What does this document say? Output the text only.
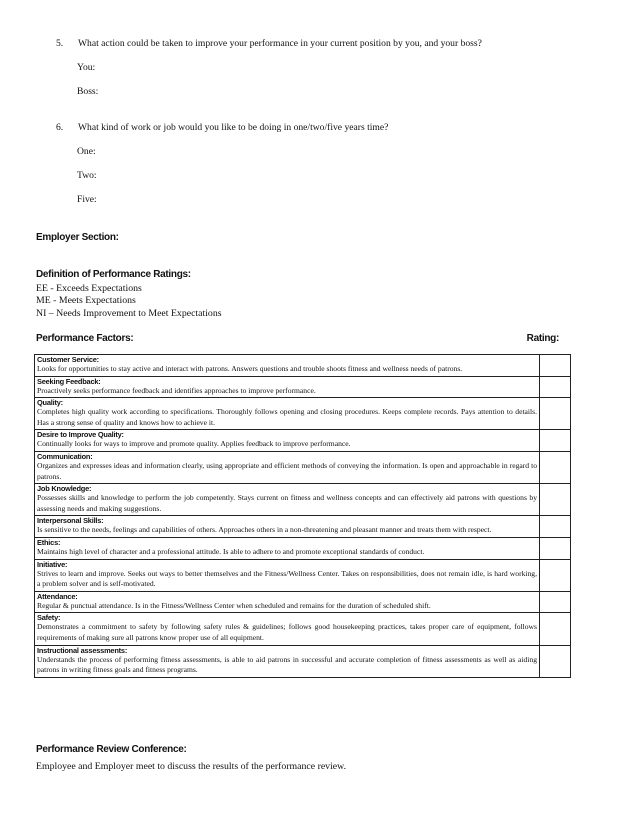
5. What action could be taken to improve your performance in your current position by you, and your boss?
You:
Boss:
6. What kind of work or job would you like to be doing in one/two/five years time?
One:
Two:
Five:
Employer Section:
Definition of Performance Ratings:
EE - Exceeds Expectations
ME - Meets Expectations
NI – Needs Improvement to Meet Expectations
Performance Factors:	Rating:
Customer Service:
Looks for opportunities to stay active and interact with patrons. Answers questions and trouble shoots fitness and wellness needs of patrons.	

Seeking Feedback:
Proactively seeks performance feedback and identifies approaches to improve performance.	

Quality:
Completes high quality work according to specifications. Thoroughly follows opening and closing procedures. Keeps complete records. Pays attention to details. Has a strong sense of quality and knows how to achieve it.	

Desire to Improve Quality:
Continually looks for ways to improve and promote quality. Applies feedback to improve performance.	

Communication:
Organizes and expresses ideas and information clearly, using appropriate and efficient methods of conveying the information. Is open and approachable in regard to patrons.	

Job Knowledge:
Possesses skills and knowledge to perform the job competently. Stays current on fitness and wellness concepts and can effectively aid patrons with questions by assessing needs and making suggestions.	

Interpersonal Skills:
Is sensitive to the needs, feelings and capabilities of others. Approaches others in a non-threatening and pleasant manner and treats them with respect.	

Ethics:
Maintains high level of character and a professional attitude. Is able to adhere to and promote exceptional standards of conduct.	

Initiative:
Strives to learn and improve. Seeks out ways to better themselves and the Fitness/Wellness Center. Takes on responsibilities, does not remain idle, is hard working, a problem solver and is self-motivated.	

Attendance:
Regular & punctual attendance. Is in the Fitness/Wellness Center when scheduled and remains for the duration of scheduled shift.	

Safety:
Demonstrates a commitment to safety by following safety rules & guidelines; follows good housekeeping practices, takes proper care of equipment, follows requirements of making sure all patrons know proper use of all equipment.	

Instructional assessments:
Understands the process of performing fitness assessments, is able to aid patrons in successful and accurate completion of fitness assessments as well as aiding patrons in writing fitness goals and fitness programs.	

Performance Review Conference:
Employee and Employer meet to discuss the results of the performance review.
